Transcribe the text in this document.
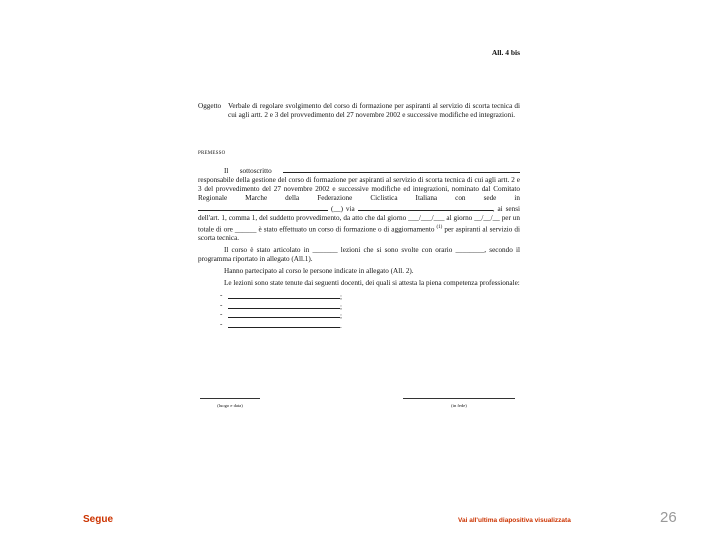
All. 4 bis
Oggetto Verbale di regolare svolgimento del corso di formazione per aspiranti al servizio di scorta tecnica di cui agli artt. 2 e 3 del provvedimento del 27 novembre 2002 e successive modifiche ed integrazioni.
PREMESSO

Il sottoscritto  responsabile della gestione del corso di formazione per aspiranti al servizio di scorta tecnica di cui agli artt. 2 e 3 del provvedimento del 27 novembre 2002 e successive modifiche ed integrazioni, nominato dal Comitato Regionale Marche della Federazione Ciclistica Italiana con sede in  (__) via	, ai sensi dell'art. 1, comma 1, del suddetto provvedimento, da atto che dal giorno ___/___/___ al giorno __/__/__ per un totale di ore ______ è stato effettuato un corso di formazione o di aggiornamento $^{(1)}$ per aspiranti al servizio di scorta tecnica.

Il corso è stato articolato in _______ lezioni che si sono svolte con orario ________, secondo il programma riportato in allegato (All.1).

Hanno partecipato al corso le persone indicate in allegato (All. 2).

Le lezioni sono state tenute dai seguenti docenti, dei quali si attesta la piena competenza professionale:

- ;
- ;
- ;
- .
(luogo e data)	(in fede)
Segue	Vai all'ultima diapositiva visualizzata	26
